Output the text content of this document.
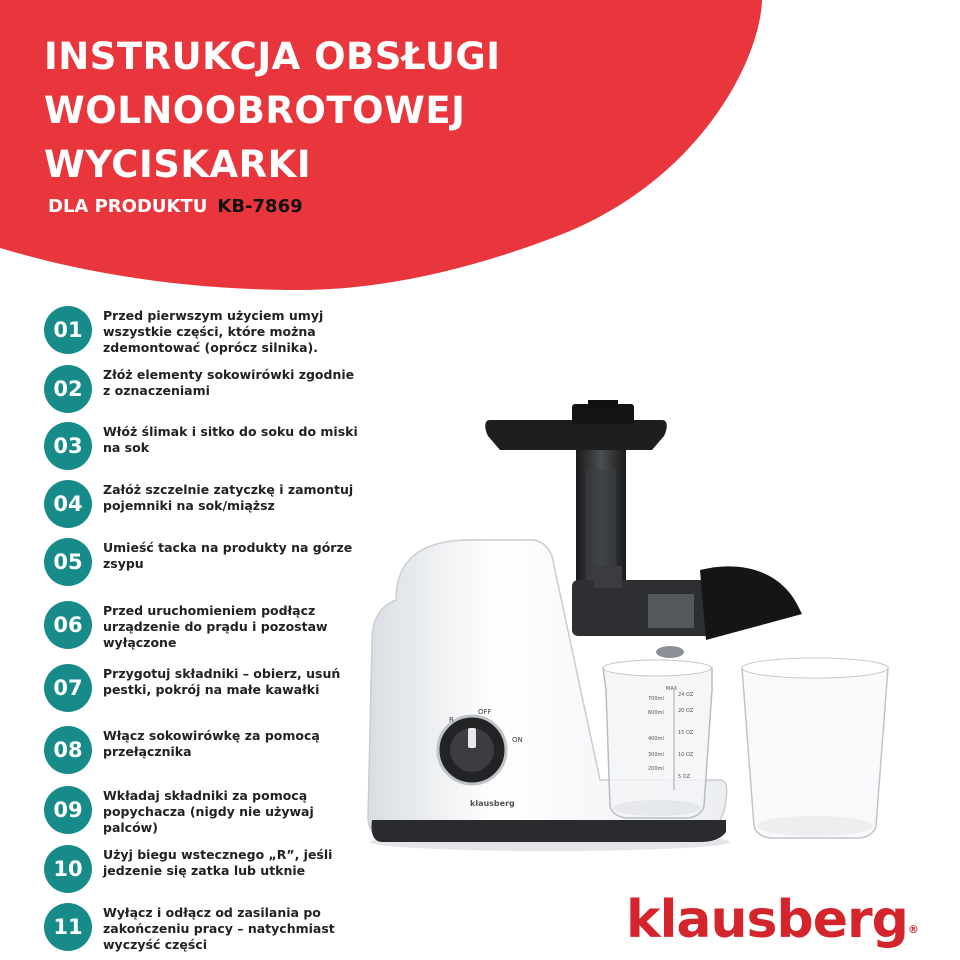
INSTRUKCJA OBSŁUGI
WOLNOOBROTOWEJ
WYCISKARKI
DLA PRODUKTU KB-7869
01
Przed pierwszym użyciem umyj wszystkie części, które można zdemontować (oprócz silnika).
02
Złóż elementy sokowirówki zgodnie z oznaczeniami
03
Włóż ślimak i sitko do soku do miski na sok
04
Załóż szczelnie zatyczkę i zamontuj pojemniki na sok/miąższ
05
Umieść tacka na produkty na górze zsypu
06
Przed uruchomieniem podłącz urządzenie do prądu i pozostaw wyłączone
07
Przygotuj składniki – obierz, usuń pestki, pokrój na małe kawałki
08
Włącz sokowirówkę za pomocą przełącznika
09
Wkładaj składniki za pomocą popychacza (nigdy nie używaj palców)
10
Użyj biegu wstecznego „R”, jeśli jedzenie się zatka lub utknie
11
Wyłącz i odłącz od zasilania po zakończeniu pracy – natychmiast wyczyść części
R
OFF
ON
klausberg
MAX
700ml
600ml
400ml
300ml
200ml
24 OZ
20 OZ
15 OZ
10 OZ
5 OZ
klausberg®
